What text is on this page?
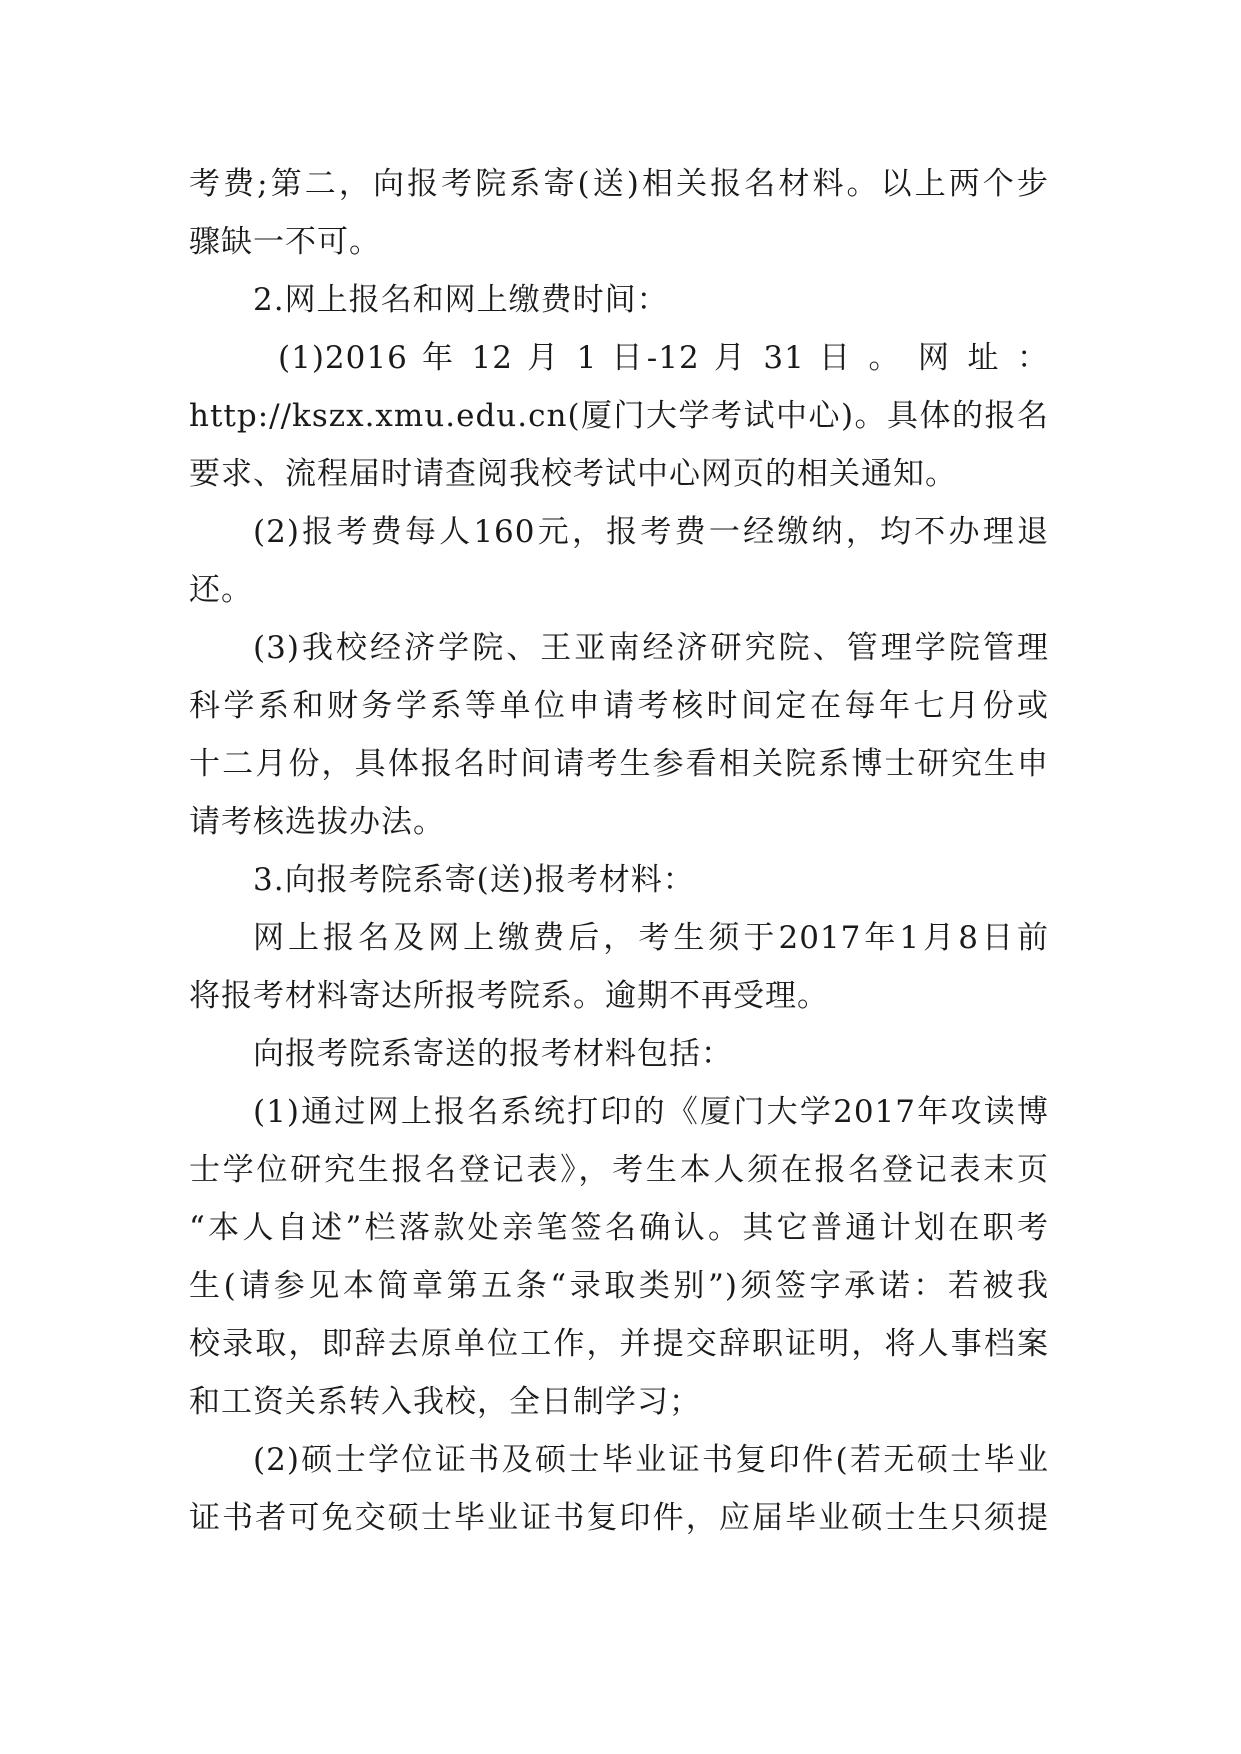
考费;第二，向报考院系寄(送)相关报名材料。以上两个步
骤缺一不可。
2.网上报名和网上缴费时间：
(1)2016 年 12 月 1 日-12 月 31 日 。 网 址 ：
http://kszx.xmu.edu.cn(厦门大学考试中心)。具体的报名
要求、流程届时请查阅我校考试中心网页的相关通知。
(2)报考费每人160元，报考费一经缴纳，均不办理退
还。
(3)我校经济学院、王亚南经济研究院、管理学院管理
科学系和财务学系等单位申请考核时间定在每年七月份或
十二月份，具体报名时间请考生参看相关院系博士研究生申
请考核选拔办法。
3.向报考院系寄(送)报考材料：
网上报名及网上缴费后，考生须于2017年1月8日前
将报考材料寄达所报考院系。逾期不再受理。
向报考院系寄送的报考材料包括：
(1)通过网上报名系统打印的《厦门大学2017年攻读博
士学位研究生报名登记表》，考生本人须在报名登记表末页
“本人自述”栏落款处亲笔签名确认。其它普通计划在职考
生(请参见本简章第五条“录取类别”)须签字承诺：若被我
校录取，即辞去原单位工作，并提交辞职证明，将人事档案
和工资关系转入我校，全日制学习；
(2)硕士学位证书及硕士毕业证书复印件(若无硕士毕业
证书者可免交硕士毕业证书复印件，应届毕业硕士生只须提
